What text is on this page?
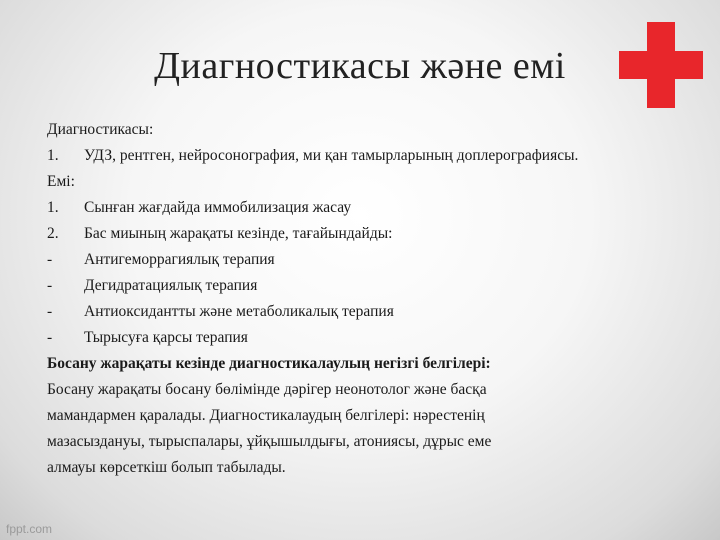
Диагностикасы және емі
Диагностикасы:
1. УДЗ, рентген, нейросонография, ми қан тамырларының доплерографиясы.
Емі:
1. Сынған жағдайда иммобилизация жасау
2. Бас миының жарақаты кезінде, тағайындайды:
- Антигеморрагиялық терапия
- Дегидратациялық терапия
- Антиоксидантты және метаболикалық терапия
- Тырысуға қарсы терапия
Босану жарақаты кезінде диагностикалаулың негізгі белгілері:
Босану жарақаты босану бөлімінде дәрігер неонотолог және басқа
мамандармен қаралады. Диагностикалаудың белгілері: нәрестенің
мазасыздануы, тырыспалары, ұйқышылдығы, атониясы, дұрыс еме
алмауы көрсеткіш болып табылады.
fppt.com
